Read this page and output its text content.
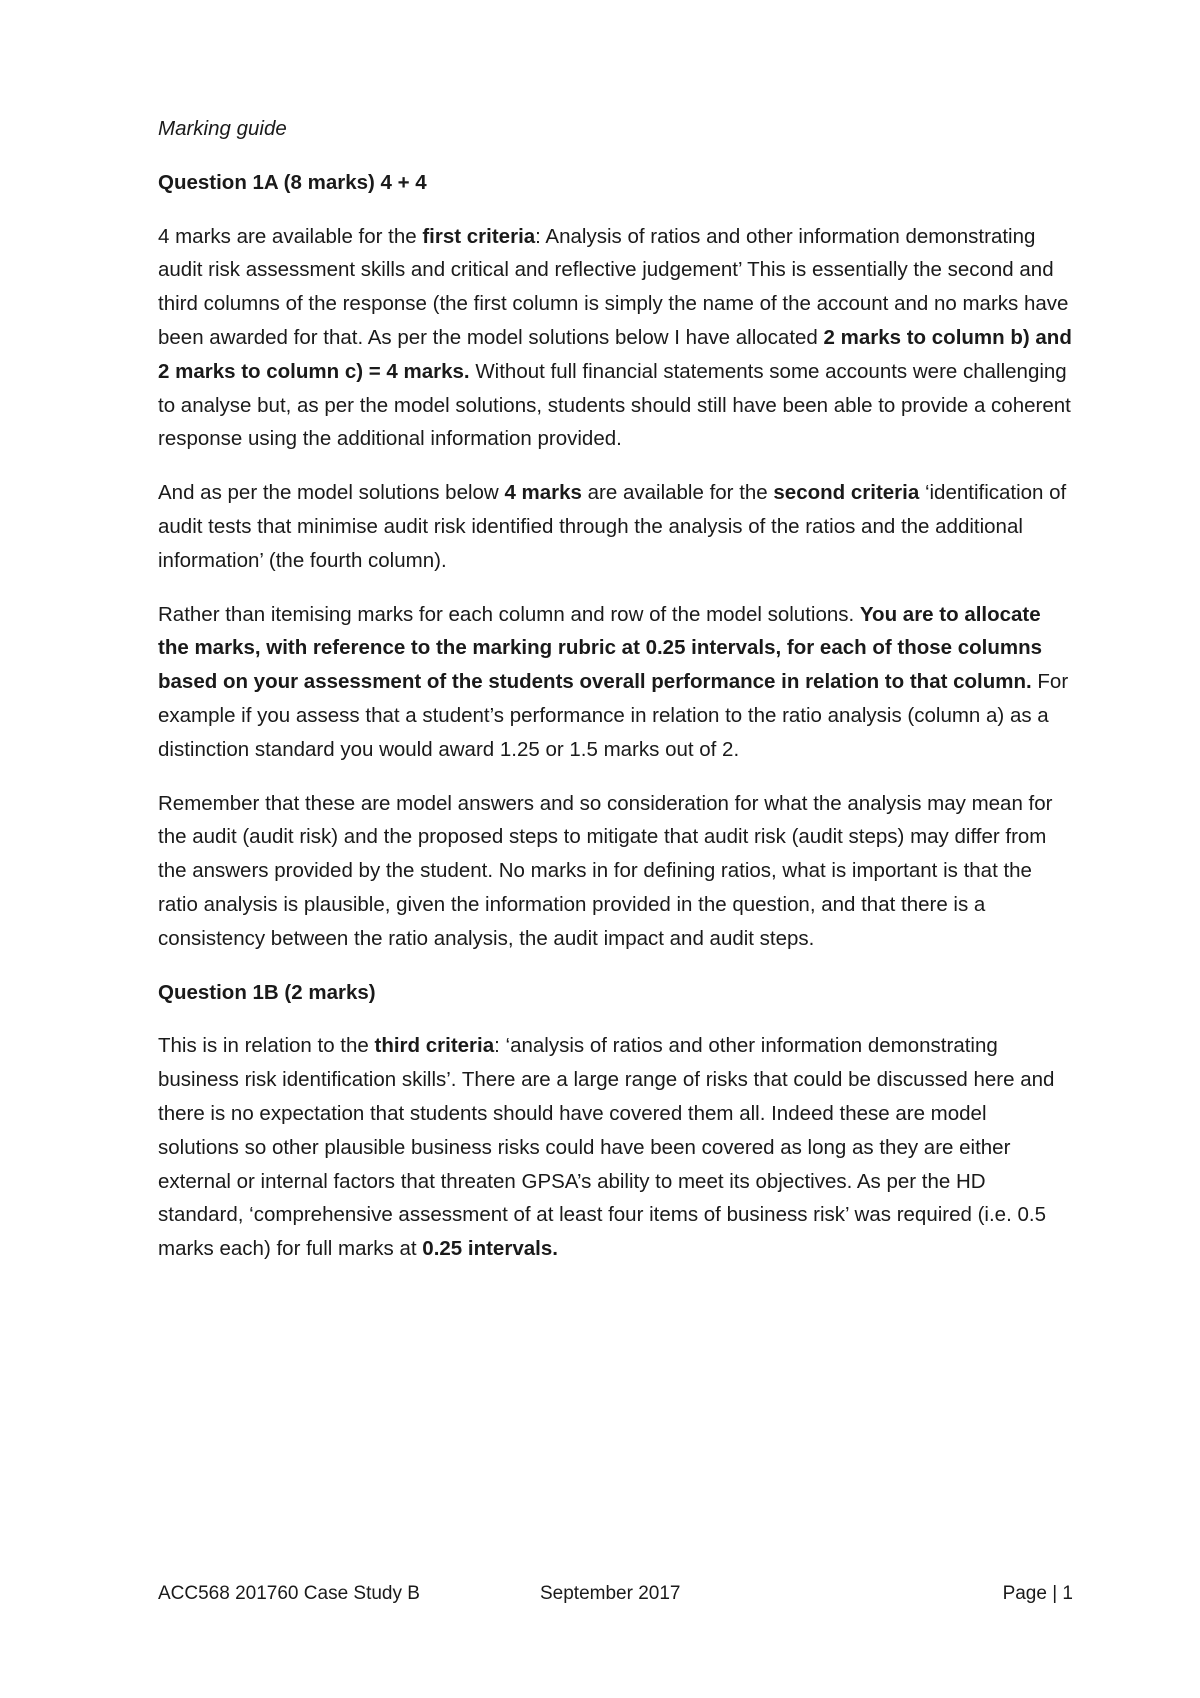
Marking guide

Question 1A (8 marks) 4 + 4

4 marks are available for the first criteria: Analysis of ratios and other information demonstrating audit risk assessment skills and critical and reflective judgement’ This is essentially the second and third columns of the response (the first column is simply the name of the account and no marks have been awarded for that. As per the model solutions below I have allocated 2 marks to column b) and 2 marks to column c) = 4 marks. Without full financial statements some accounts were challenging to analyse but, as per the model solutions, students should still have been able to provide a coherent response using the additional information provided.

And as per the model solutions below 4 marks are available for the second criteria ‘identification of audit tests that minimise audit risk identified through the analysis of the ratios and the additional information’ (the fourth column).

Rather than itemising marks for each column and row of the model solutions. You are to allocate the marks, with reference to the marking rubric at 0.25 intervals, for each of those columns based on your assessment of the students overall performance in relation to that column. For example if you assess that a student’s performance in relation to the ratio analysis (column a) as a distinction standard you would award 1.25 or 1.5 marks out of 2.

Remember that these are model answers and so consideration for what the analysis may mean for the audit (audit risk) and the proposed steps to mitigate that audit risk (audit steps) may differ from the answers provided by the student. No marks in for defining ratios, what is important is that the ratio analysis is plausible, given the information provided in the question, and that there is a consistency between the ratio analysis, the audit impact and audit steps.

Question 1B (2 marks)

This is in relation to the third criteria: ‘analysis of ratios and other information demonstrating business risk identification skills’. There are a large range of risks that could be discussed here and there is no expectation that students should have covered them all. Indeed these are model solutions so other plausible business risks could have been covered as long as they are either external or internal factors that threaten GPSA’s ability to meet its objectives. As per the HD standard, ‘comprehensive assessment of at least four items of business risk’ was required (i.e. 0.5 marks each) for full marks at 0.25 intervals.

ACC568 201760 Case Study B	September 2017	Page | 1
